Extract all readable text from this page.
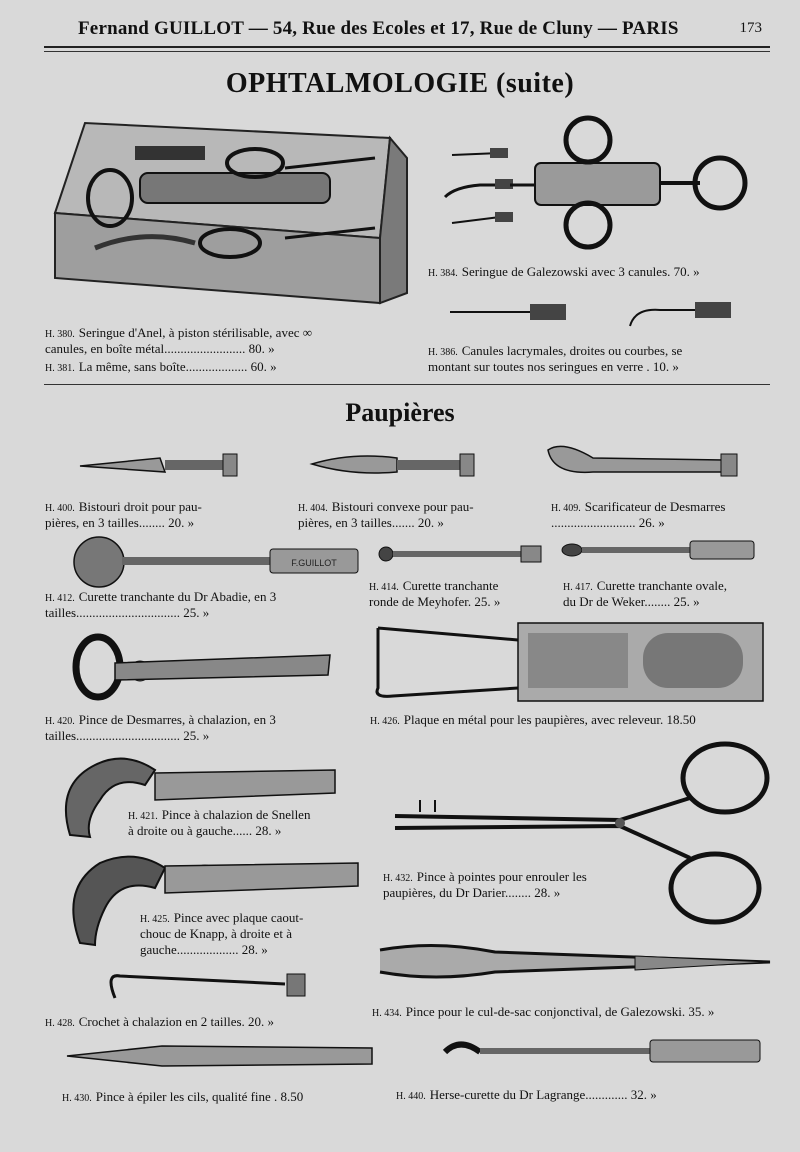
Fernand GUILLOT — 54, Rue des Ecoles et 17, Rue de Cluny — PARIS	173
OPHTALMOLOGIE (suite)
H. 380. Seringue d'Anel, à piston stérilisable, avec ∞
canules, en boîte métal......................... 80. »
H. 381. La même, sans boîte................... 60. »
H. 384. Seringue de Galezowski avec 3 canules. 70. »
H. 386. Canules lacrymales, droites ou courbes, se
montant sur toutes nos seringues en verre . 10. »
Paupières
H. 400. Bistouri droit pour pau-
pières, en 3 tailles........ 20. »
H. 404. Bistouri convexe pour pau-
pières, en 3 tailles....... 20. »
H. 409. Scarificateur de Desmarres
.......................... 26. »
F.GUILLOT
H. 412. Curette tranchante du Dr Abadie, en 3
tailles................................ 25. »
H. 414. Curette tranchante
ronde de Meyhofer. 25. »
H. 417. Curette tranchante ovale,
du Dr de Weker........ 25. »
H. 420. Pince de Desmarres, à chalazion, en 3
tailles................................ 25. »
H. 426. Plaque en métal pour les paupières, avec releveur. 18.50
H. 421. Pince à chalazion de Snellen
à droite ou à gauche...... 28. »
H. 432. Pince à pointes pour enrouler les
paupières, du Dr Darier........ 28. »
H. 425. Pince avec plaque caout-
chouc de Knapp, à droite et à
gauche................... 28. »
H. 428. Crochet à chalazion en 2 tailles. 20. »
H. 434. Pince pour le cul-de-sac conjonctival, de Galezowski. 35. »
H. 430. Pince à épiler les cils, qualité fine . 8.50	H. 440. Herse-curette du Dr Lagrange............. 32. »
